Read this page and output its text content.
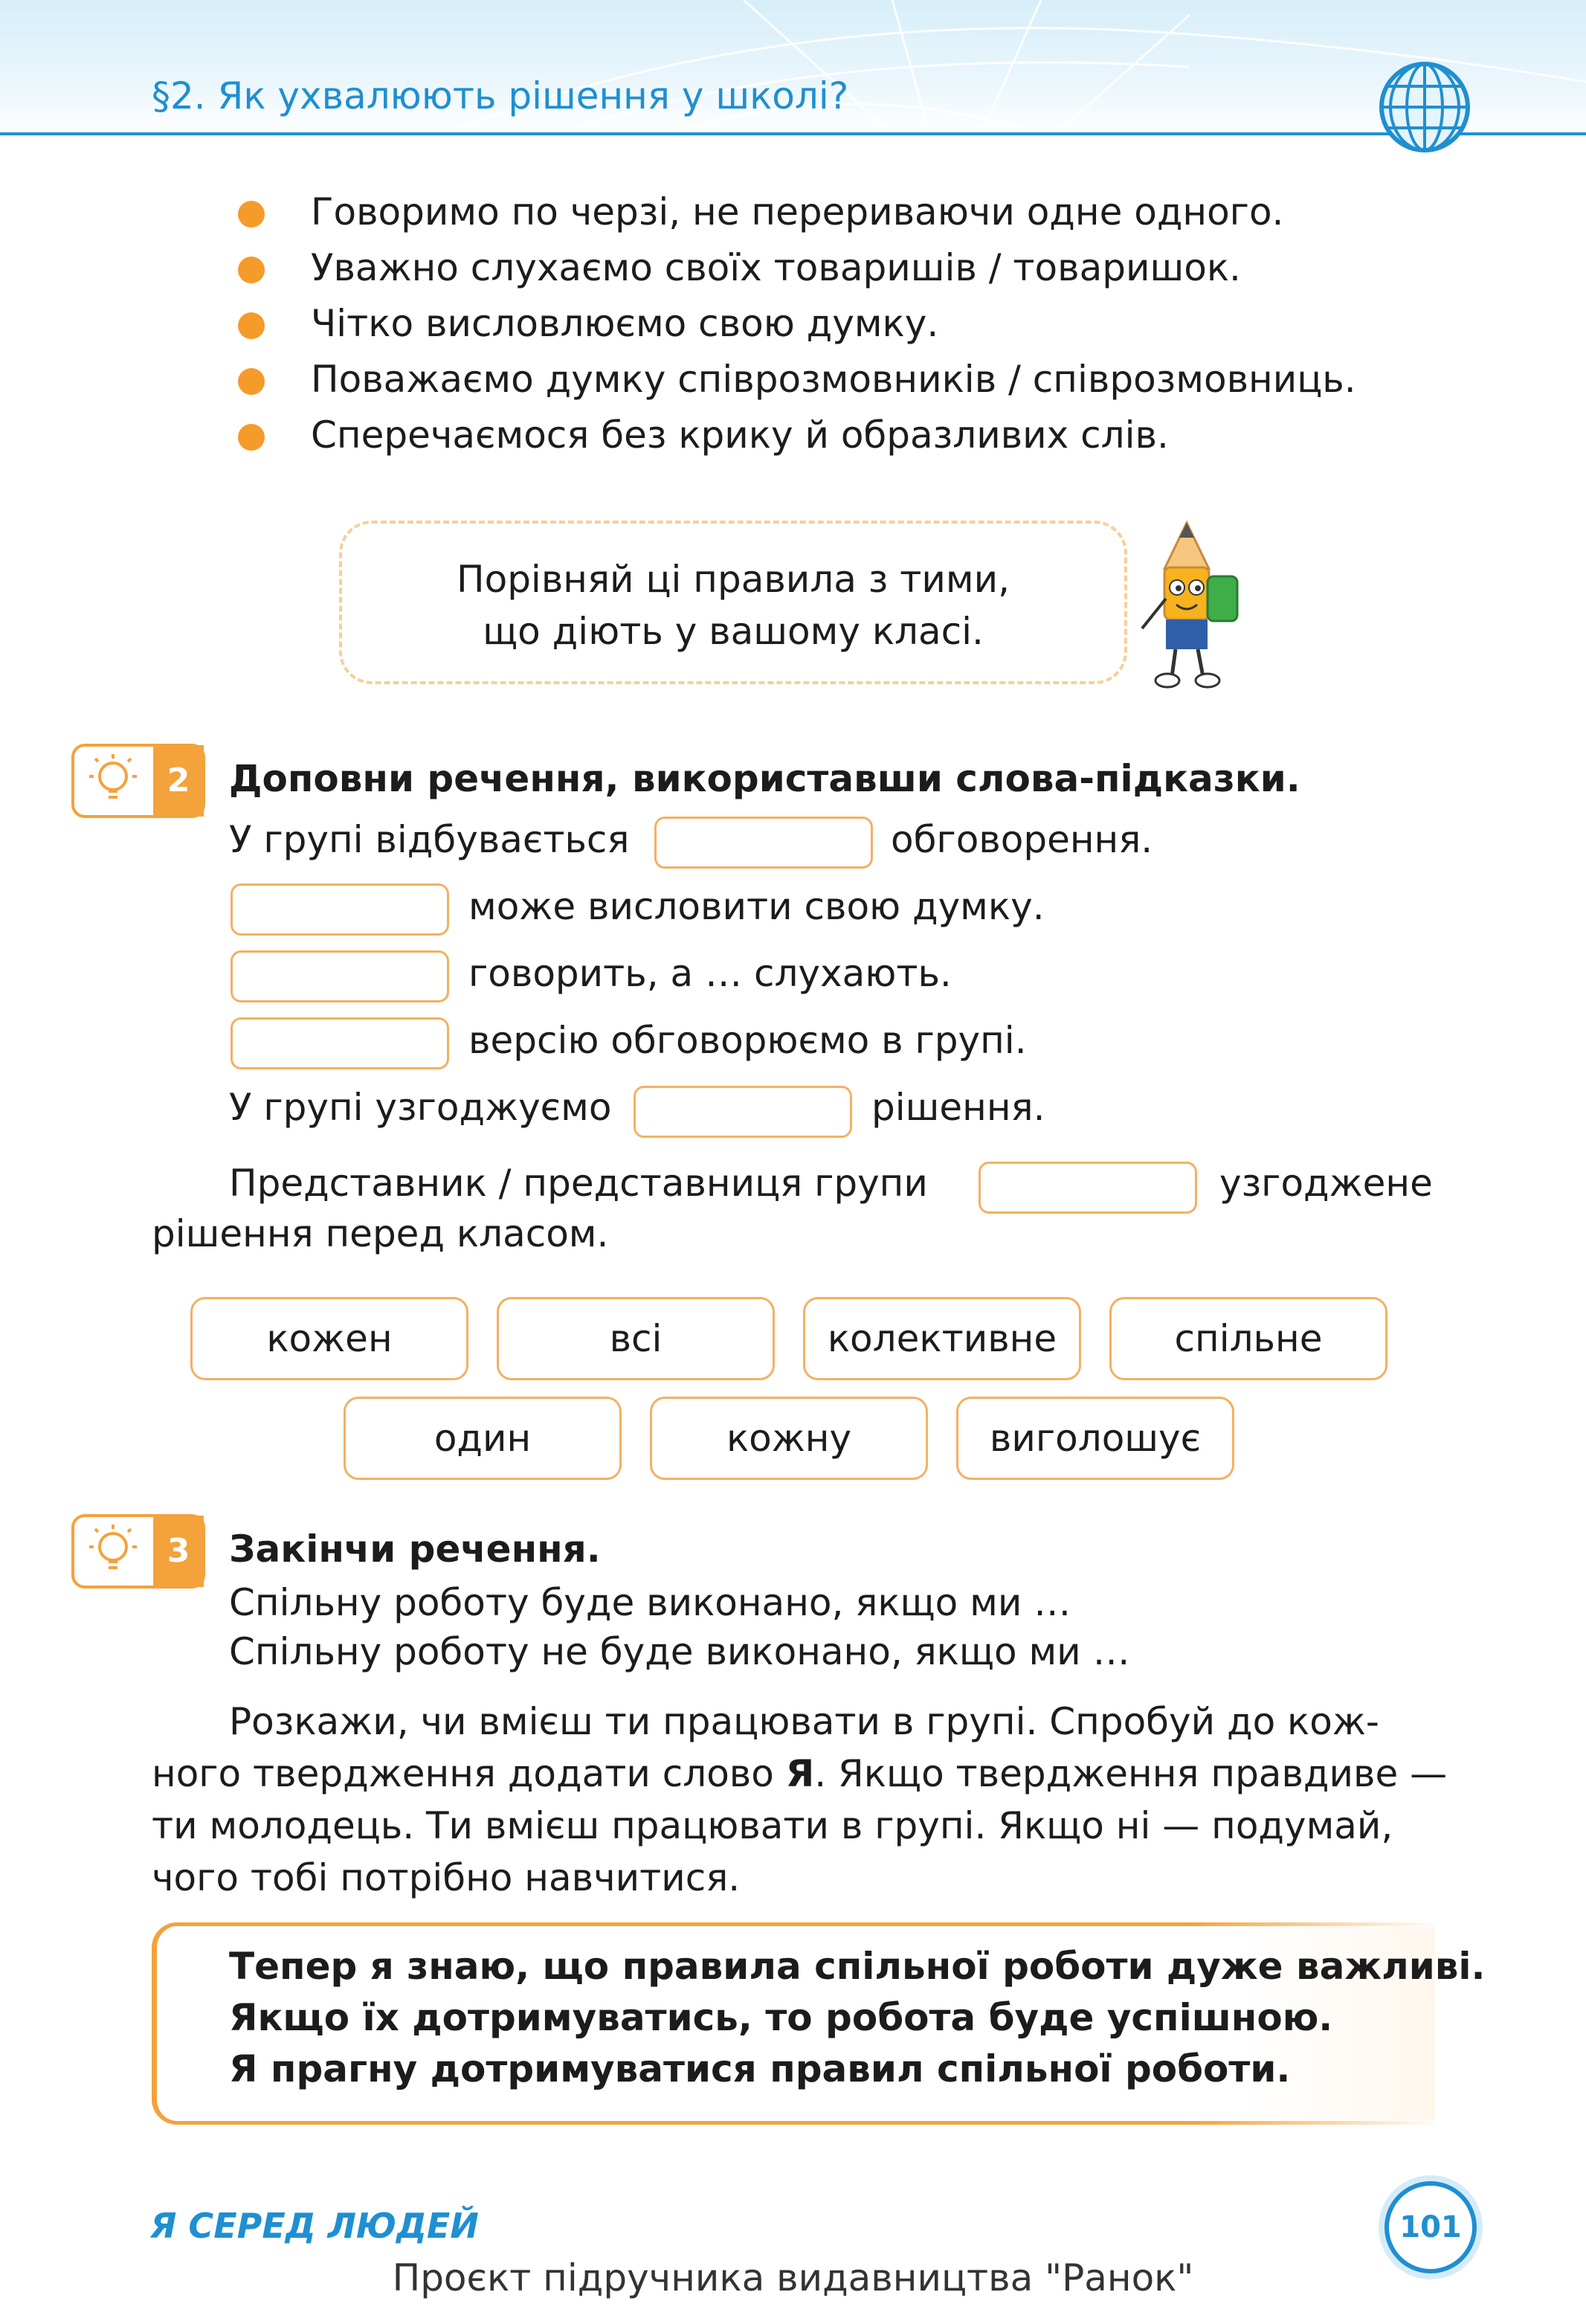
§2. Як ухвалюють рішення у школі?
Говоримо по черзі, не перериваючи одне одного.
Уважно слухаємо своїх товаришів / товаришок.
Чітко висловлюємо свою думку.
Поважаємо думку співрозмовників / співрозмовниць.
Сперечаємося без крику й образливих слів.
Порівняй ці правила з тими,
що діють у вашому класі.
2 Доповни речення, використавши слова-підказки.
У групі відбувається	обговорення.
може висловити свою думку.
говорить, а … слухають.
версію обговорюємо в групі.
У групі узгоджуємо	рішення.
Представник / представниця групи	узгоджене
рішення перед класом.
кожен	всі	колективне	спільне
один	кожну	виголошує
3 Закінчи речення.
Спільну роботу буде виконано, якщо ми …
Спільну роботу не буде виконано, якщо ми …
Розкажи, чи вмієш ти працювати в групі. Спробуй до кож-
ного твердження додати слово Я. Якщо твердження правдиве —
ти молодець. Ти вмієш працювати в групі. Якщо ні — подумай,
чого тобі потрібно навчитися.
Тепер я знаю, що правила спільної роботи дуже важливі.
Якщо їх дотримуватись, то робота буде успішною.
Я прагну дотримуватися правил спільної роботи.
Я СЕРЕД ЛЮДЕЙ	101
Проєкт підручника видавництва "Ранок"
